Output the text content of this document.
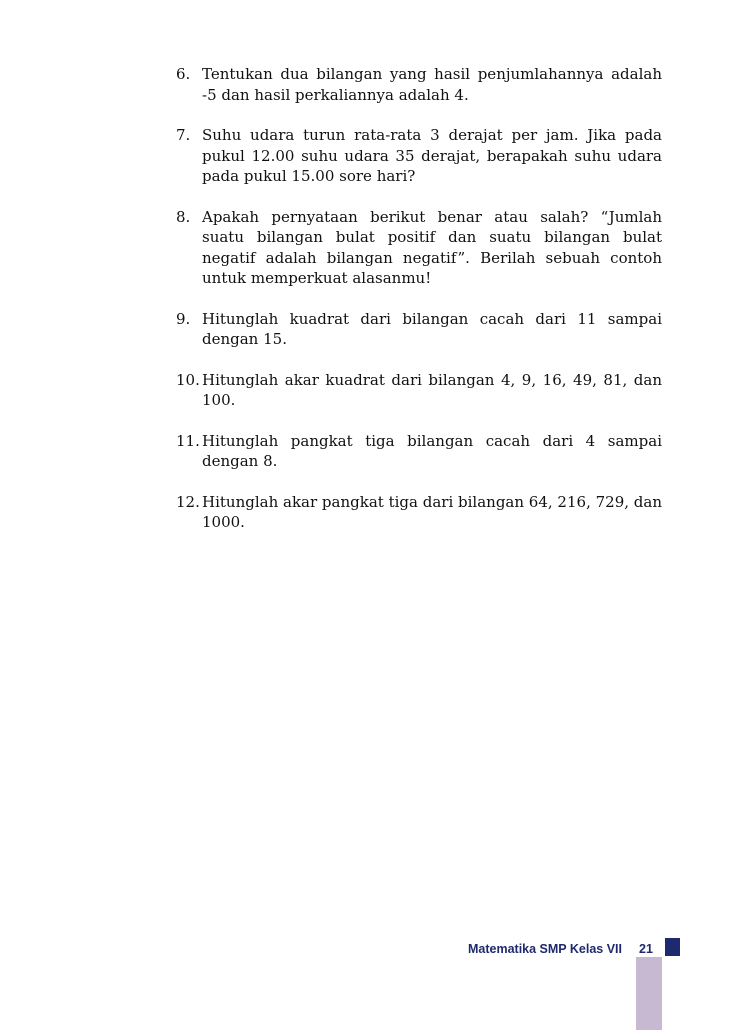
6. Tentukan dua bilangan yang hasil penjumlahannya adalah -5 dan hasil perkaliannya adalah 4.
7. Suhu udara turun rata-rata 3 derajat per jam. Jika pada pukul 12.00 suhu udara 35 derajat, berapakah suhu udara pada pukul 15.00 sore hari?
8. Apakah pernyataan berikut benar atau salah? “Jumlah suatu bilangan bulat positif dan suatu bilangan bulat negatif adalah bilangan negatif”. Berilah sebuah contoh untuk memperkuat alasanmu!
9. Hitunglah kuadrat dari bilangan cacah dari 11 sampai dengan 15.
10. Hitunglah akar kuadrat dari bilangan 4, 9, 16, 49, 81, dan 100.
11. Hitunglah pangkat tiga bilangan cacah dari 4 sampai dengan 8.
12. Hitunglah akar pangkat tiga dari bilangan 64, 216, 729, dan 1000.
Matematika SMP Kelas VII 21
